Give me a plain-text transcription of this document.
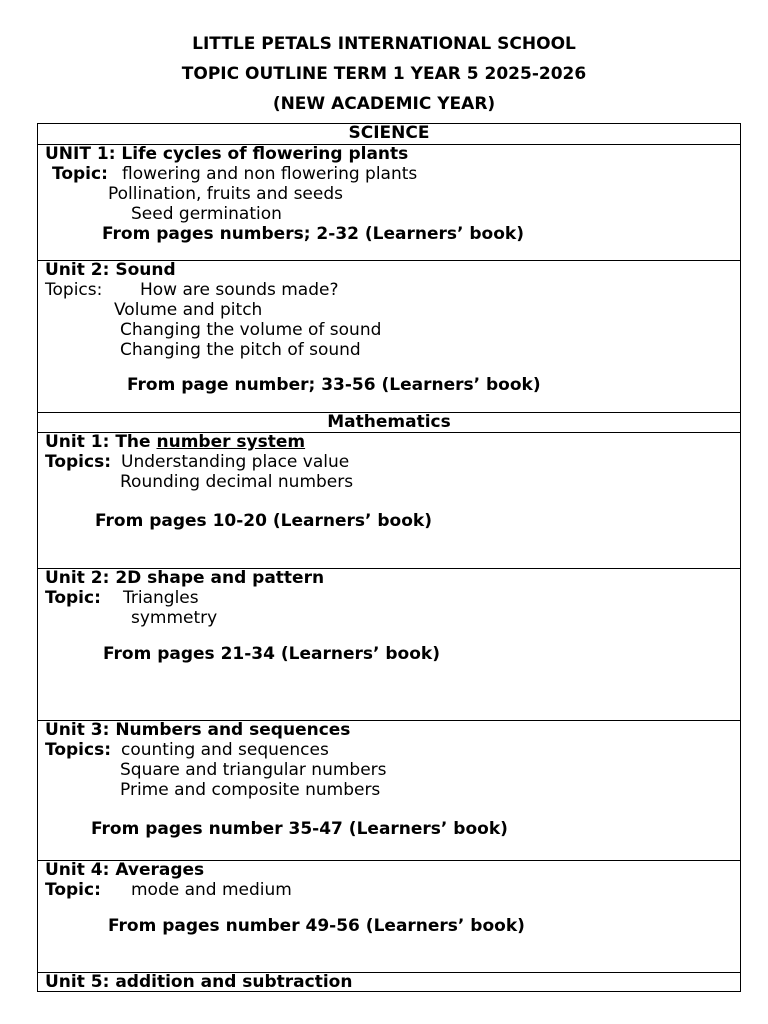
LITTLE PETALS INTERNATIONAL SCHOOL
TOPIC OUTLINE TERM 1 YEAR 5 2025-2026
(NEW ACADEMIC YEAR)
SCIENCE
UNIT 1: Life cycles of flowering plants
Topic: flowering and non flowering plants
Pollination, fruits and seeds
Seed germination
From pages numbers; 2-32 (Learners’ book)
Unit 2: Sound
Topics: How are sounds made?
Volume and pitch
Changing the volume of sound
Changing the pitch of sound
From page number; 33-56 (Learners’ book)
Mathematics
Unit 1: The number system
Topics: Understanding place value
Rounding decimal numbers
From pages 10-20 (Learners’ book)
Unit 2: 2D shape and pattern
Topic: Triangles
symmetry
From pages 21-34 (Learners’ book)
Unit 3: Numbers and sequences
Topics: counting and sequences
Square and triangular numbers
Prime and composite numbers
From pages number 35-47 (Learners’ book)
Unit 4: Averages
Topic: mode and medium
From pages number 49-56 (Learners’ book)
Unit 5: addition and subtraction
